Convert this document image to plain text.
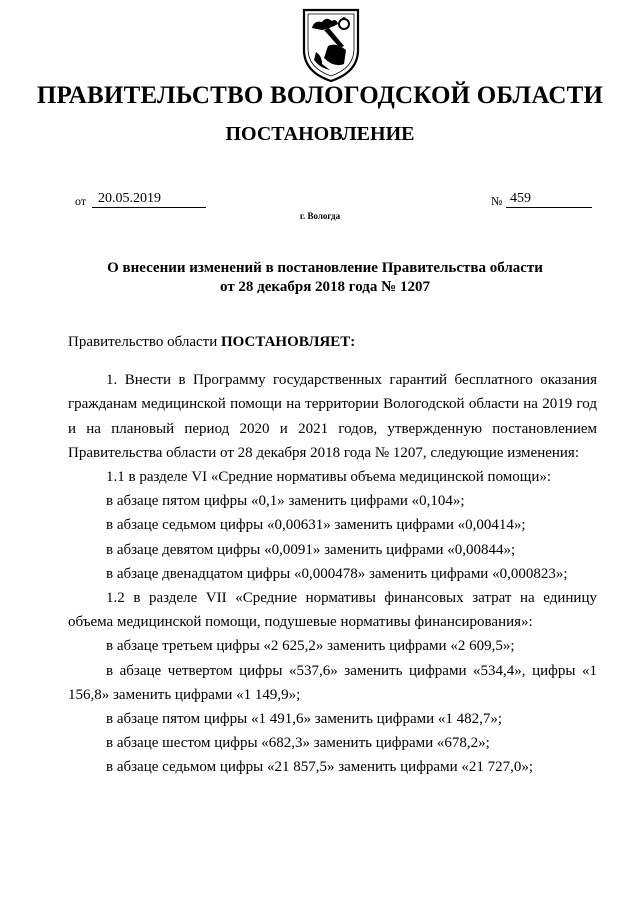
ПРАВИТЕЛЬСТВО ВОЛОГОДСКОЙ ОБЛАСТИ
ПОСТАНОВЛЕНИЕ
от 20.05.2019	№ 459
г. Вологда
О внесении изменений в постановление Правительства области
от 28 декабря 2018 года № 1207

Правительство области ПОСТАНОВЛЯЕТ:

1. Внести в Программу государственных гарантий бесплатного оказания гражданам медицинской помощи на территории Вологодской области на 2019 год и на плановый период 2020 и 2021 годов, утвержденную постановлением Правительства области от 28 декабря 2018 года № 1207, следующие изменения:

1.1 в разделе VI «Средние нормативы объема медицинской помощи»:

в абзаце пятом цифры «0,1» заменить цифрами «0,104»;

в абзаце седьмом цифры «0,00631» заменить цифрами «0,00414»;

в абзаце девятом цифры «0,0091» заменить цифрами «0,00844»;

в абзаце двенадцатом цифры «0,000478» заменить цифрами «0,000823»;

1.2 в разделе VII «Средние нормативы финансовых затрат на единицу объема медицинской помощи, подушевые нормативы финансирования»:

в абзаце третьем цифры «2 625,2» заменить цифрами «2 609,5»;

в абзаце четвертом цифры «537,6» заменить цифрами «534,4», цифры «1 156,8» заменить цифрами «1 149,9»;

в абзаце пятом цифры «1 491,6» заменить цифрами «1 482,7»;

в абзаце шестом цифры «682,3» заменить цифрами «678,2»;

в абзаце седьмом цифры «21 857,5» заменить цифрами «21 727,0»;
